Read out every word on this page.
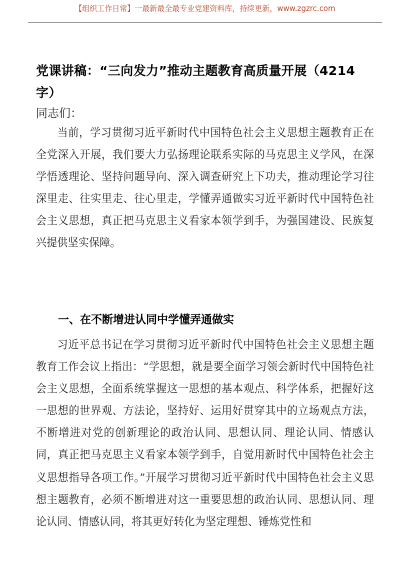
【组织工作日常】一最新最全最专业党建资料库，持续更新，www.zgzrc.com
党课讲稿：“三向发力”推动主题教育高质量开展（4214字）
同志们：

当前，学习贯彻习近平新时代中国特色社会主义思想主题教育正在全党深入开展，我们要大力弘扬理论联系实际的马克思主义学风，在深学悟透理论、坚持问题导向、深入调查研究上下功夫，推动理论学习往深里走、往实里走、往心里走，学懂弄通做实习近平新时代中国特色社会主义思想，真正把马克思主义看家本领学到手，为强国建设、民族复兴提供坚实保障。

一、在不断增进认同中学懂弄通做实

习近平总书记在学习贯彻习近平新时代中国特色社会主义思想主题教育工作会议上指出：“学思想，就是要全面学习领会新时代中国特色社会主义思想，全面系统掌握这一思想的基本观点、科学体系，把握好这一思想的世界观、方法论，坚持好、运用好贯穿其中的立场观点方法，不断增进对党的创新理论的政治认同、思想认同、理论认同、情感认同，真正把马克思主义看家本领学到手，自觉用新时代中国特色社会主义思想指导各项工作。”开展学习贯彻习近平新时代中国特色社会主义思想主题教育，必须不断增进对这一重要思想的政治认同、思想认同、理论认同、情感认同，将其更好转化为坚定理想、锤炼党性和
